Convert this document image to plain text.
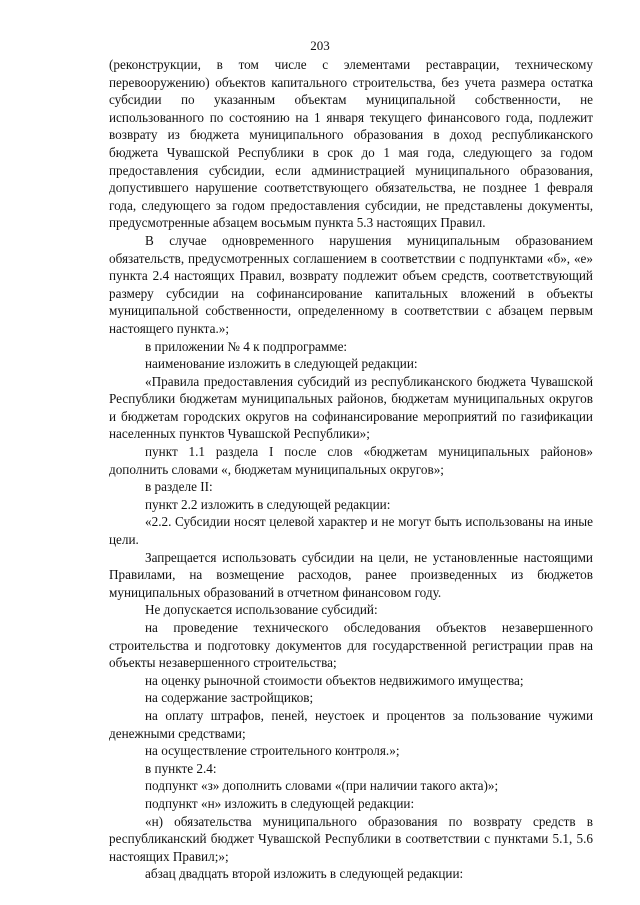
203

(реконструкции, в том числе с элементами реставрации, техническому перевооружению) объектов капитального строительства, без учета размера остатка субсидии по указанным объектам муниципальной собственности, не использованного по состоянию на 1 января текущего финансового года, подлежит возврату из бюджета муниципального образования в доход республиканского бюджета Чувашской Республики в срок до 1 мая года, следующего за годом предоставления субсидии, если администрацией муниципального образования, допустившего нарушение соответствующего обязательства, не позднее 1 февраля года, следующего за годом предоставления субсидии, не представлены документы, предусмотренные абзацем восьмым пункта 5.3 настоящих Правил.

В случае одновременного нарушения муниципальным образованием обязательств, предусмотренных соглашением в соответствии с подпунктами «б», «е» пункта 2.4 настоящих Правил, возврату подлежит объем средств, соответствующий размеру субсидии на софинансирование капитальных вложений в объекты муниципальной собственности, определенному в соответствии с абзацем первым настоящего пункта.»;

в приложении № 4 к подпрограмме:

наименование изложить в следующей редакции:

«Правила предоставления субсидий из республиканского бюджета Чувашской Республики бюджетам муниципальных районов, бюджетам муниципальных округов и бюджетам городских округов на софинансирование мероприятий по газификации населенных пунктов Чувашской Республики»;

пункт 1.1 раздела I после слов «бюджетам муниципальных районов» дополнить словами «, бюджетам муниципальных округов»;

в разделе II:

пункт 2.2 изложить в следующей редакции:

«2.2. Субсидии носят целевой характер и не могут быть использованы на иные цели.

Запрещается использовать субсидии на цели, не установленные настоящими Правилами, на возмещение расходов, ранее произведенных из бюджетов муниципальных образований в отчетном финансовом году.

Не допускается использование субсидий:

на проведение технического обследования объектов незавершенного строительства и подготовку документов для государственной регистрации прав на объекты незавершенного строительства;

на оценку рыночной стоимости объектов недвижимого имущества;

на содержание застройщиков;

на оплату штрафов, пеней, неустоек и процентов за пользование чужими денежными средствами;

на осуществление строительного контроля.»;

в пункте 2.4:

подпункт «з» дополнить словами «(при наличии такого акта)»;

подпункт «н» изложить в следующей редакции:

«н) обязательства муниципального образования по возврату средств в республиканский бюджет Чувашской Республики в соответствии с пунктами 5.1, 5.6 настоящих Правил;»;

абзац двадцать второй изложить в следующей редакции:
